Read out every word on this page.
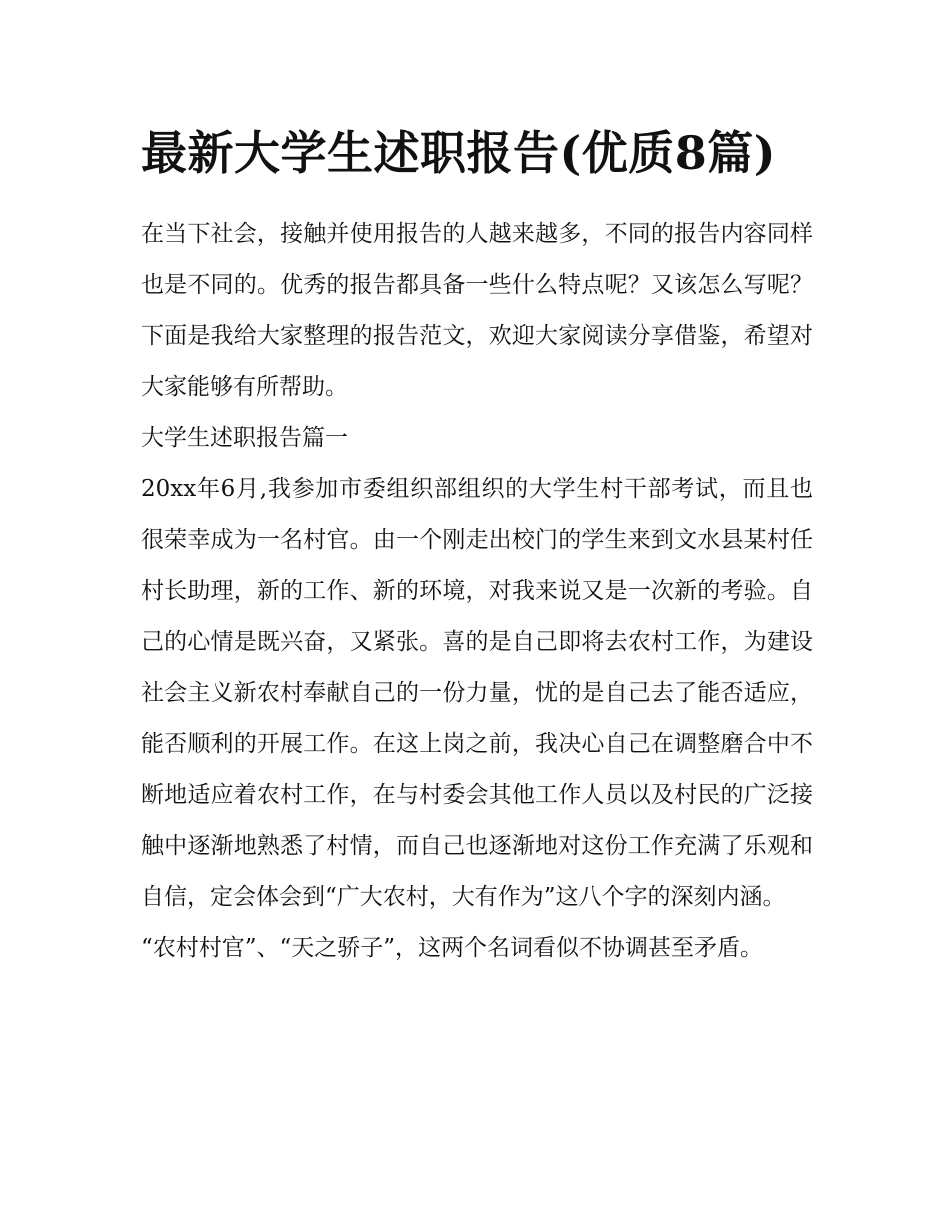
最新大学生述职报告(优质8篇)

在当下社会，接触并使用报告的人越来越多，不同的报告内容同样也是不同的。优秀的报告都具备一些什么特点呢？又该怎么写呢？下面是我给大家整理的报告范文，欢迎大家阅读分享借鉴，希望对大家能够有所帮助。

大学生述职报告篇一

20xx年6月,我参加市委组织部组织的大学生村干部考试，而且也很荣幸成为一名村官。由一个刚走出校门的学生来到文水县某村任村长助理，新的工作、新的环境，对我来说又是一次新的考验。自己的心情是既兴奋，又紧张。喜的是自己即将去农村工作，为建设社会主义新农村奉献自己的一份力量，忧的是自己去了能否适应，能否顺利的开展工作。在这上岗之前，我决心自己在调整磨合中不断地适应着农村工作，在与村委会其他工作人员以及村民的广泛接触中逐渐地熟悉了村情，而自己也逐渐地对这份工作充满了乐观和自信，定会体会到“广大农村，大有作为”这八个字的深刻内涵。

“农村村官”、“天之骄子”，这两个名词看似不协调甚至矛盾。
